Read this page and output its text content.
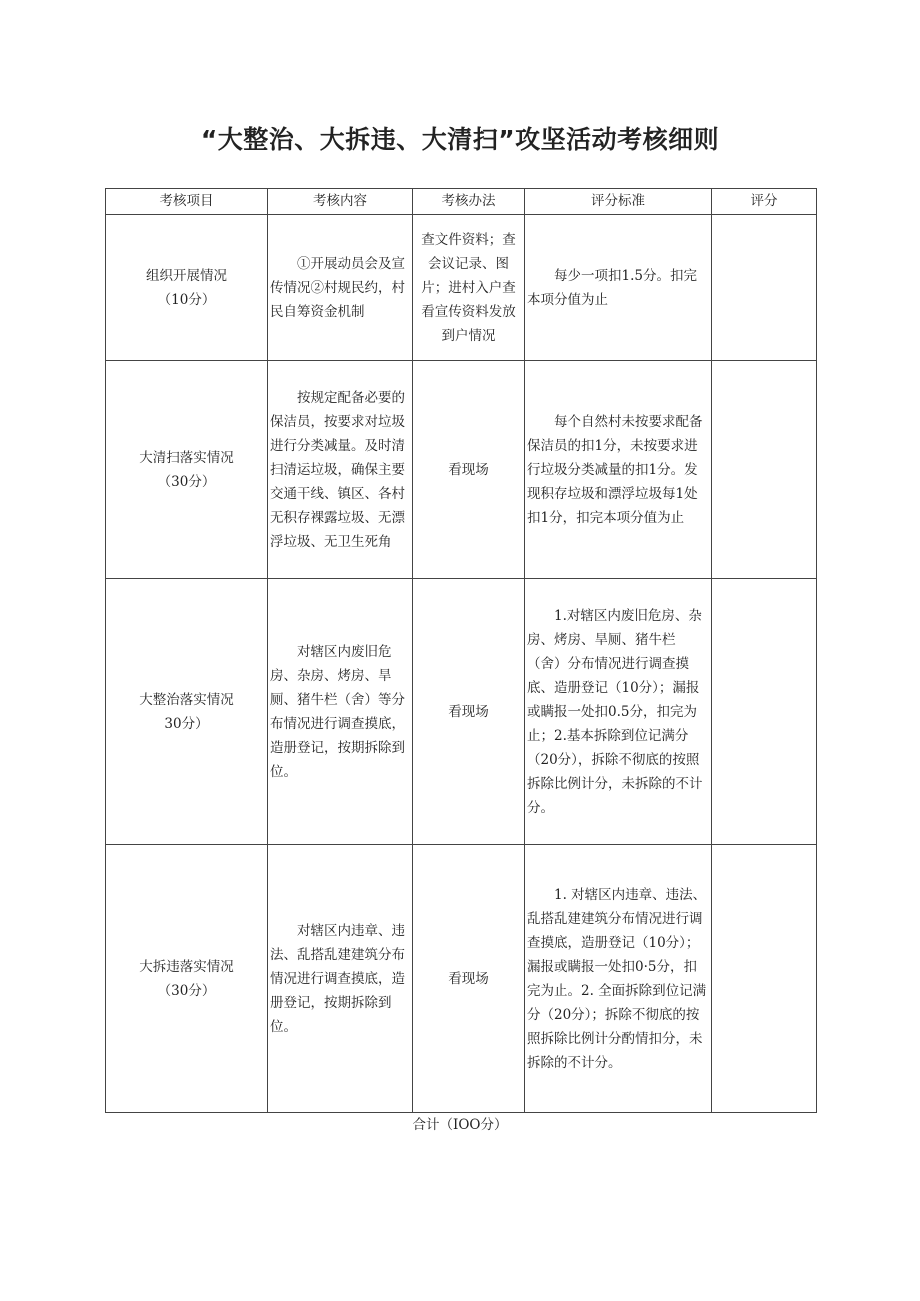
“大整治、大拆违、大清扫”攻坚活动考核细则
考核项目	考核内容	考核办法	评分标准	评分

组织开展情况
（10分）	①开展动员会及宣传情况②村规民约，村民自筹资金机制	查文件资料；查会议记录、图片；进村入户查看宣传资料发放到户情况	每少一项扣1.5分。扣完本项分值为止	

大清扫落实情况
（30分）	按规定配备必要的保洁员，按要求对垃圾进行分类减量。及时清扫清运垃圾，确保主要交通干线、镇区、各村无积存裸露垃圾、无漂浮垃圾、无卫生死角	看现场	每个自然村未按要求配备保洁员的扣1分，未按要求进行垃圾分类减量的扣1分。发现积存垃圾和漂浮垃圾每1处扣1分，扣完本项分值为止	

大整治落实情况
30分）	对辖区内废旧危房、杂房、烤房、旱厕、猪牛栏（舍）等分布情况进行调查摸底，造册登记，按期拆除到位。	看现场	1.对辖区内废旧危房、杂房、烤房、旱厕、猪牛栏（舍）分布情况进行调查摸底、造册登记（10分）；漏报或瞒报一处扣0.5分，扣完为止；2.基本拆除到位记满分（20分），拆除不彻底的按照拆除比例计分，未拆除的不计分。	

大拆违落实情况
（30分）	对辖区内违章、违法、乱搭乱建建筑分布情况进行调查摸底，造册登记，按期拆除到位。	看现场	1. 对辖区内违章、违法、乱搭乱建建筑分布情况进行调查摸底，造册登记（10分）；漏报或瞒报一处扣0·5分，扣完为止。2. 全面拆除到位记满分（20分）；拆除不彻底的按照拆除比例计分酌情扣分，未拆除的不计分。	

合计（IOO分）
